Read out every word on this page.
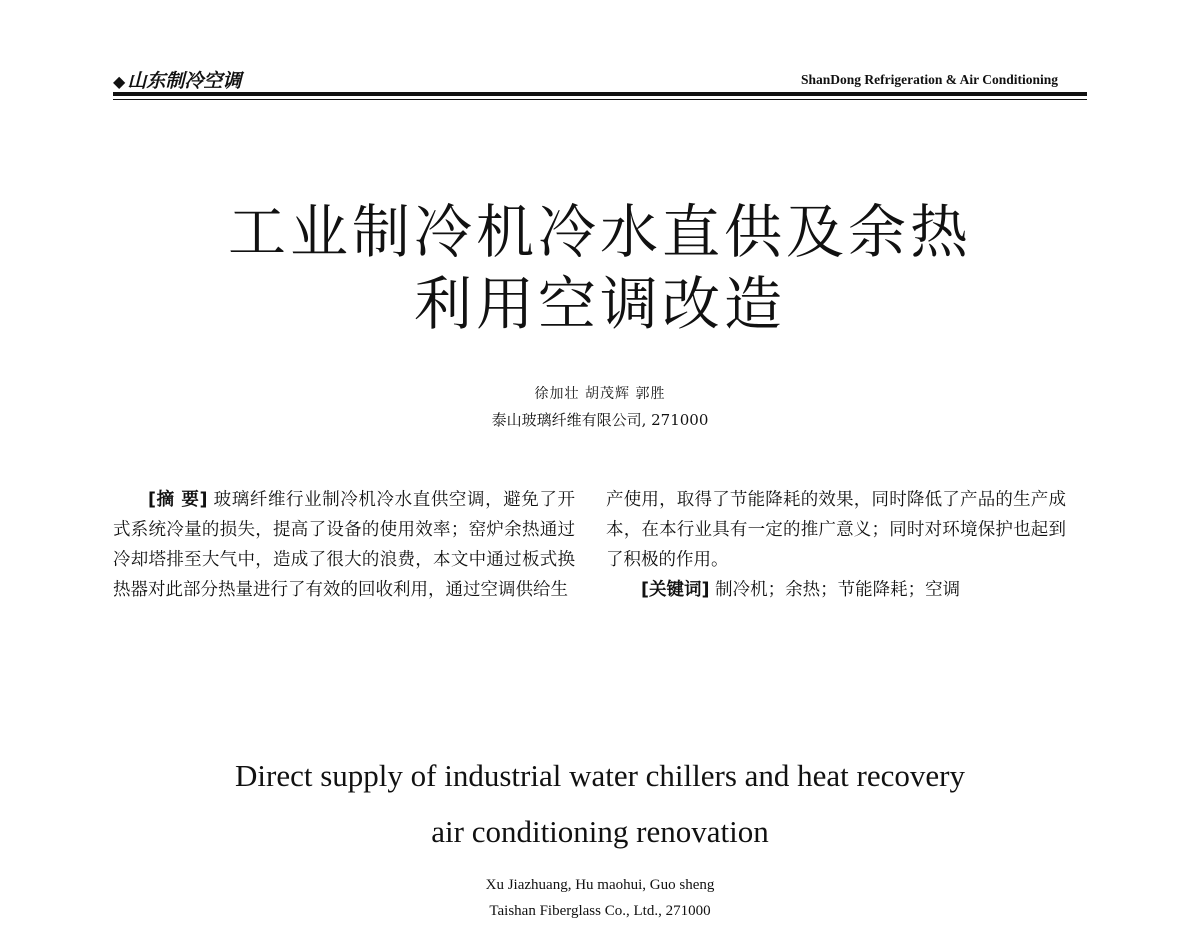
◆ 山东制冷空调	ShanDong Refrigeration & Air Conditioning
工业制冷机冷水直供及余热
利用空调改造
徐加壮 胡茂辉 郭胜
泰山玻璃纤维有限公司, 271000

[摘 要] 玻璃纤维行业制冷机冷水直供空调，避免了开式系统冷量的损失，提高了设备的使用效率；窑炉余热通过冷却塔排至大气中，造成了很大的浪费，本文中通过板式换热器对此部分热量进行了有效的回收利用，通过空调供给生

产使用，取得了节能降耗的效果，同时降低了产品的生产成本，在本行业具有一定的推广意义；同时对环境保护也起到了积极的作用。

[关键词] 制冷机；余热；节能降耗；空调

Direct supply of industrial water chillers and heat recovery
air conditioning renovation
Xu Jiazhuang, Hu maohui, Guo sheng
Taishan Fiberglass Co., Ltd., 271000
